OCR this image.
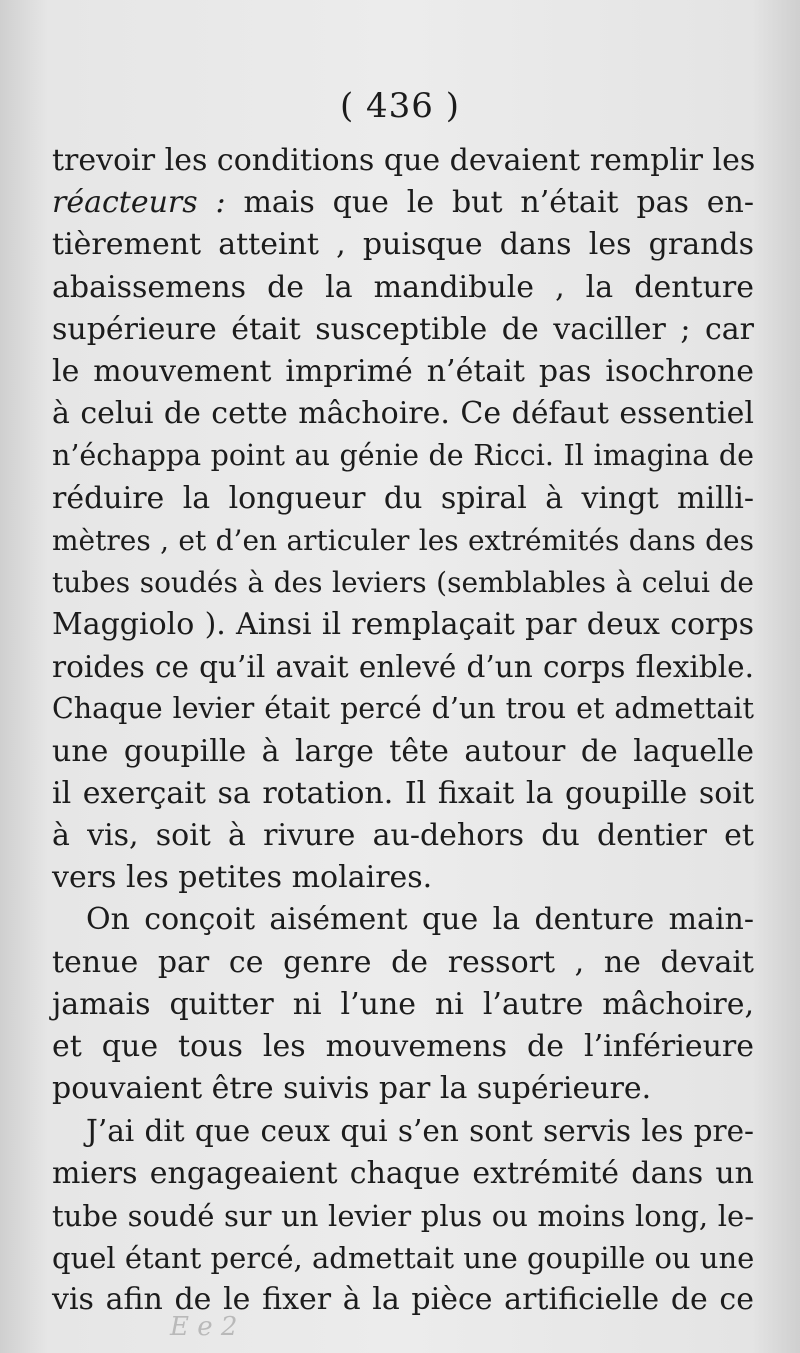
( 436 )
trevoir les conditions que devaient remplir les
réacteurs : mais que le but n’était pas en-
tièrement atteint , puisque dans les grands
abaissemens de la mandibule , la denture
supérieure était susceptible de vaciller ; car
le mouvement imprimé n’était pas isochrone
à celui de cette mâchoire. Ce défaut essentiel
n’échappa point au génie de Ricci. Il imagina de
réduire la longueur du spiral à vingt milli-
mètres , et d’en articuler les extrémités dans des
tubes soudés à des leviers (semblables à celui de
Maggiolo ). Ainsi il remplaçait par deux corps
roides ce qu’il avait enlevé d’un corps flexible.
Chaque levier était percé d’un trou et admettait
une goupille à large tête autour de laquelle
il exerçait sa rotation. Il fixait la goupille soit
à vis, soit à rivure au-dehors du dentier et
vers les petites molaires.
On conçoit aisément que la denture main-
tenue par ce genre de ressort , ne devait
jamais quitter ni l’une ni l’autre mâchoire,
et que tous les mouvemens de l’inférieure
pouvaient être suivis par la supérieure.
J’ai dit que ceux qui s’en sont servis les pre-
miers engageaient chaque extrémité dans un
tube soudé sur un levier plus ou moins long, le-
quel étant percé, admettait une goupille ou une
vis afin de le fixer à la pièce artificielle de ce
E e 2
